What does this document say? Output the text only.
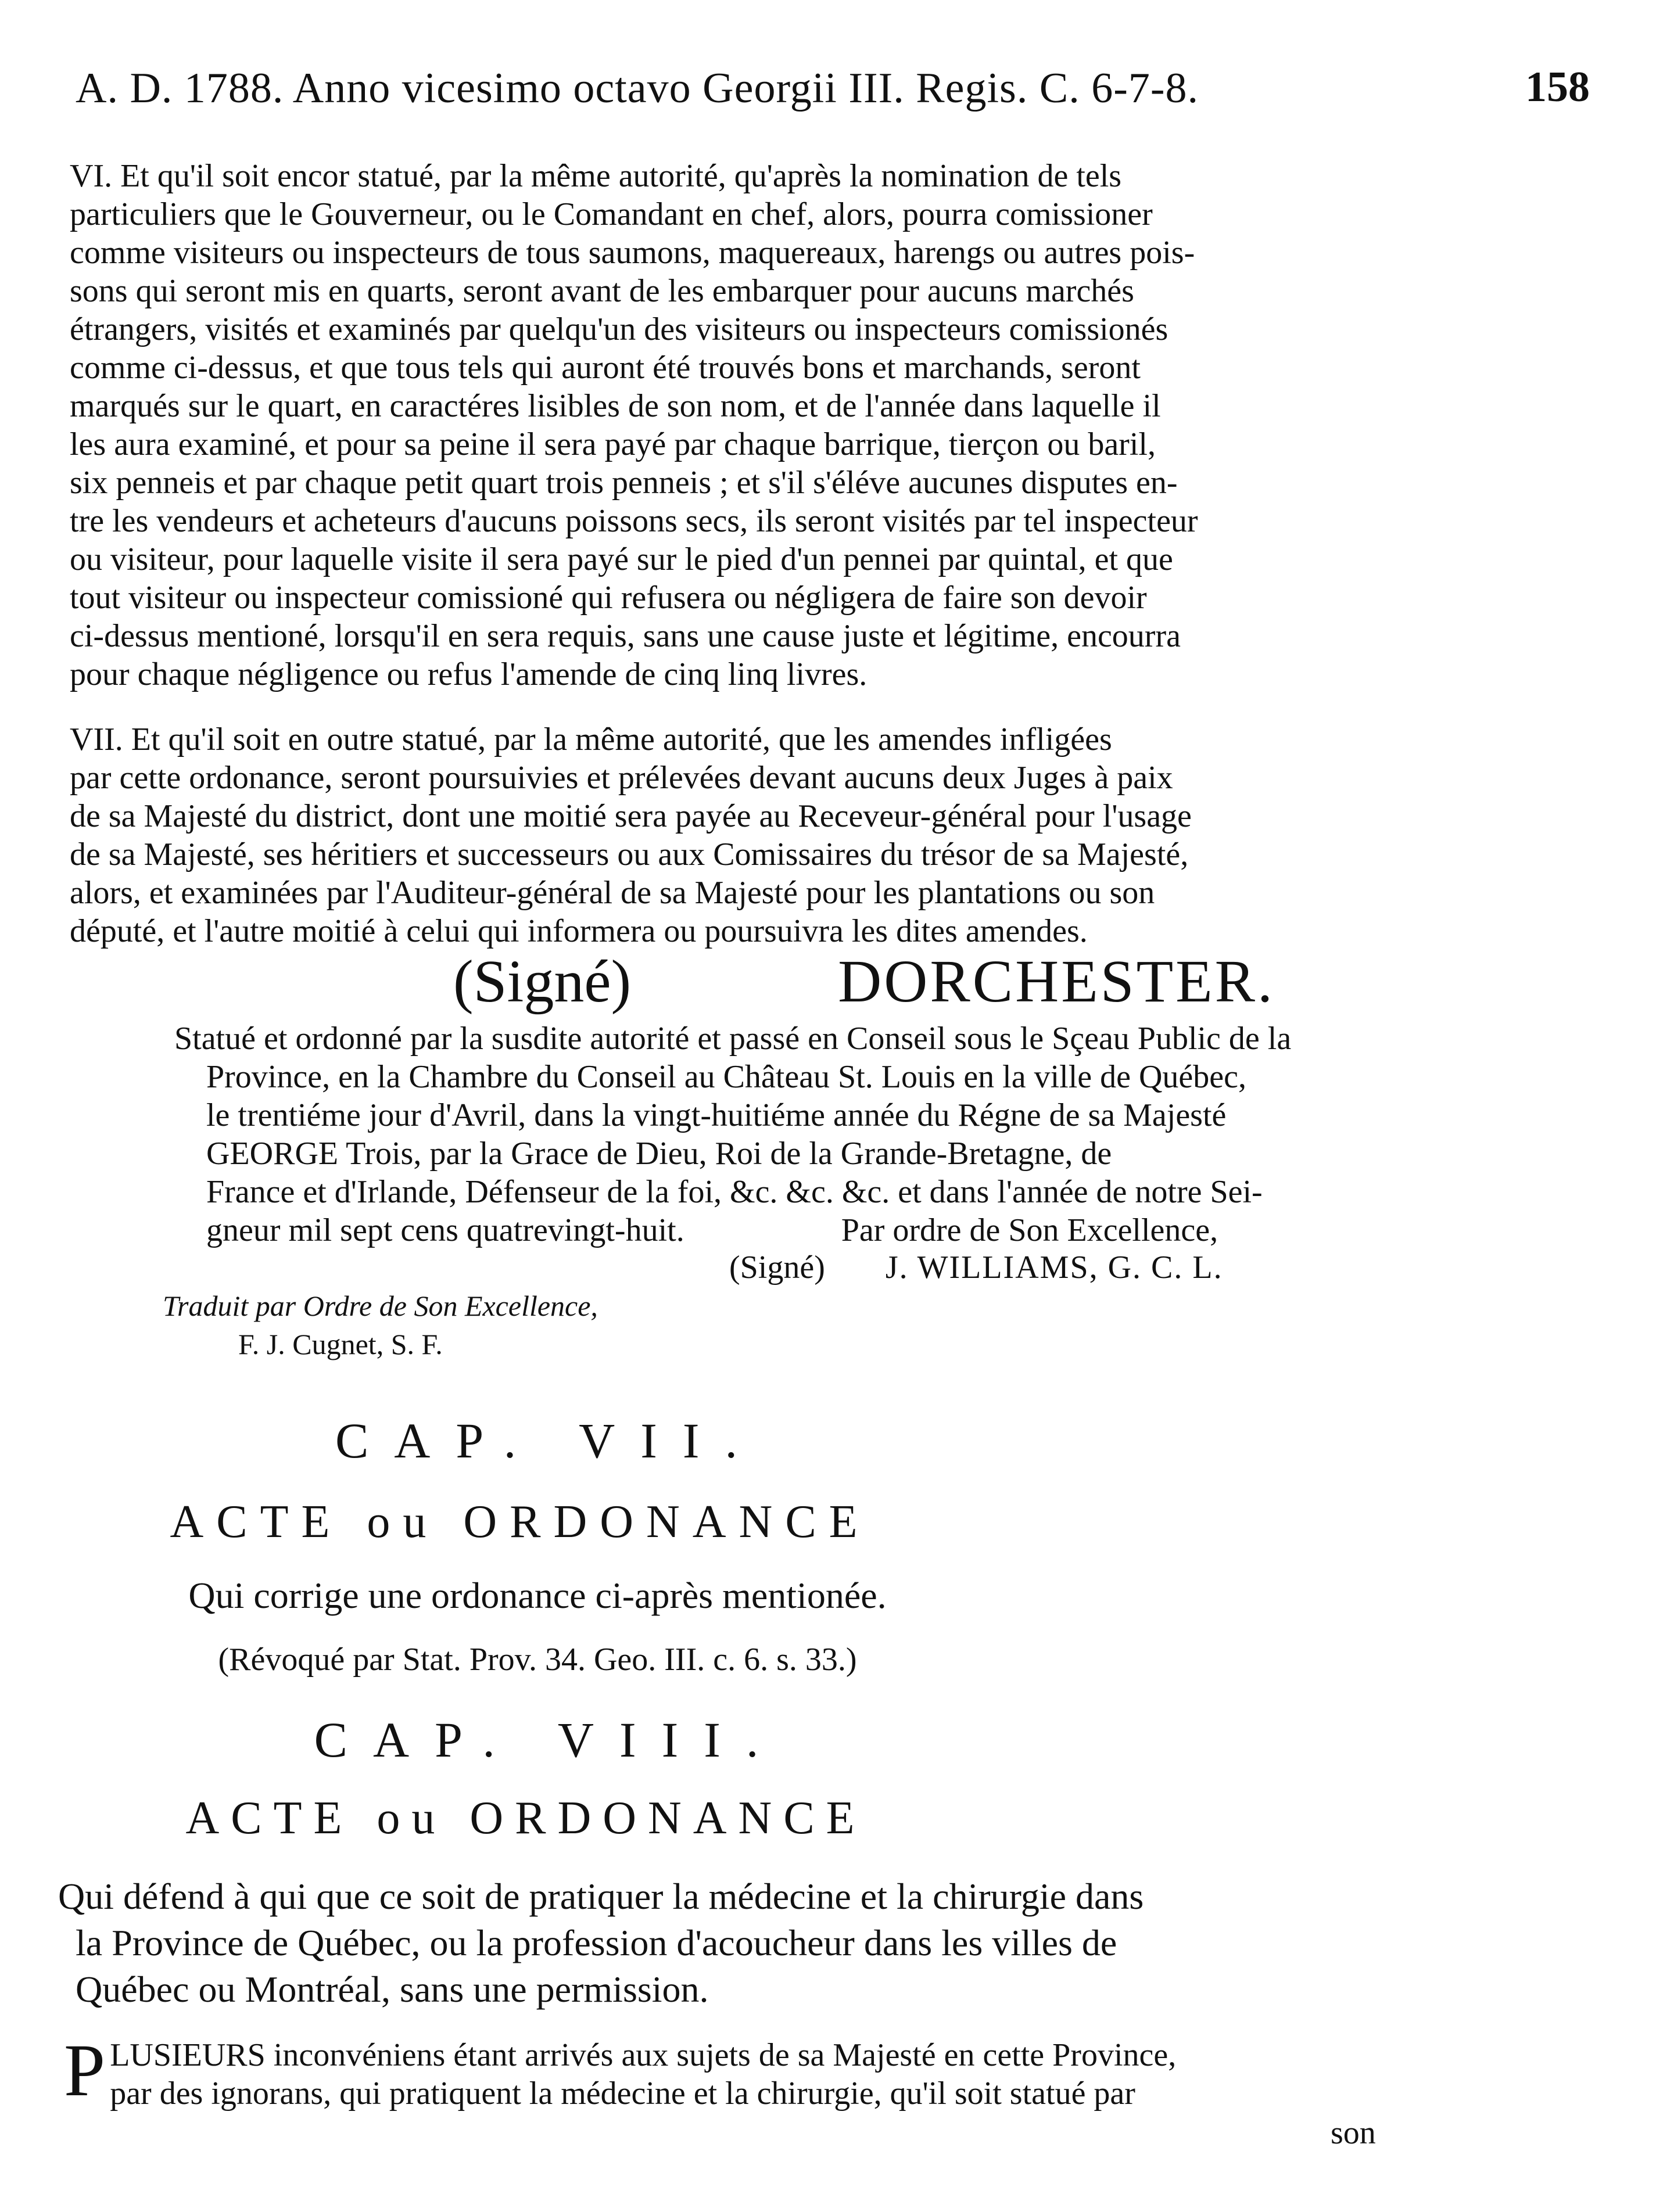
A. D. 1788. Anno vicesimo octavo Georgii III. Regis. C. 6-7-8.	158
VI. Et qu'il soit encor statué, par la même autorité, qu'après la nomination de tels
particuliers que le Gouverneur, ou le Comandant en chef, alors, pourra comissioner
comme visiteurs ou inspecteurs de tous saumons, maquereaux, harengs ou autres pois-
sons qui seront mis en quarts, seront avant de les embarquer pour aucuns marchés
étrangers, visités et examinés par quelqu'un des visiteurs ou inspecteurs comissionés
comme ci-dessus, et que tous tels qui auront été trouvés bons et marchands, seront
marqués sur le quart, en caractéres lisibles de son nom, et de l'année dans laquelle il
les aura examiné, et pour sa peine il sera payé par chaque barrique, tierçon ou baril,
six penneis et par chaque petit quart trois penneis ; et s'il s'éléve aucunes disputes en-
tre les vendeurs et acheteurs d'aucuns poissons secs, ils seront visités par tel inspecteur
ou visiteur, pour laquelle visite il sera payé sur le pied d'un pennei par quintal, et que
tout visiteur ou inspecteur comissioné qui refusera ou négligera de faire son devoir
ci-dessus mentioné, lorsqu'il en sera requis, sans une cause juste et légitime, encourra
pour chaque négligence ou refus l'amende de cinq linq livres.
VII. Et qu'il soit en outre statué, par la même autorité, que les amendes infligées
par cette ordonance, seront poursuivies et prélevées devant aucuns deux Juges à paix
de sa Majesté du district, dont une moitié sera payée au Receveur-général pour l'usage
de sa Majesté, ses héritiers et successeurs ou aux Comissaires du trésor de sa Majesté,
alors, et examinées par l'Auditeur-général de sa Majesté pour les plantations ou son
député, et l'autre moitié à celui qui informera ou poursuivra les dites amendes.
(Signé)	DORCHESTER.
Statué et ordonné par la susdite autorité et passé en Conseil sous le Sçeau Public de la
Province, en la Chambre du Conseil au Château St. Louis en la ville de Québec,
le trentiéme jour d'Avril, dans la vingt-huitiéme année du Régne de sa Majesté
GEORGE Trois, par la Grace de Dieu, Roi de la Grande-Bretagne, de
France et d'Irlande, Défenseur de la foi, &c. &c. &c. et dans l'année de notre Sei-
gneur mil sept cens quatrevingt-huit.	Par ordre de Son Excellence,
(Signé) J. WILLIAMS, G. C. L.
Traduit par Ordre de Son Excellence,
F. J. Cugnet, S. F.
CAP. VII.
ACTE ou ORDONANCE
Qui corrige une ordonance ci-après mentionée.
(Révoqué par Stat. Prov. 34. Geo. III. c. 6. s. 33.)
CAP. VIII.
ACTE ou ORDONANCE
Qui défend à qui que ce soit de pratiquer la médecine et la chirurgie dans
la Province de Québec, ou la profession d'acoucheur dans les villes de
Québec ou Montréal, sans une permission.
P LUSIEURS inconvéniens étant arrivés aux sujets de sa Majesté en cette Province,
par des ignorans, qui pratiquent la médecine et la chirurgie, qu'il soit statué par
son
